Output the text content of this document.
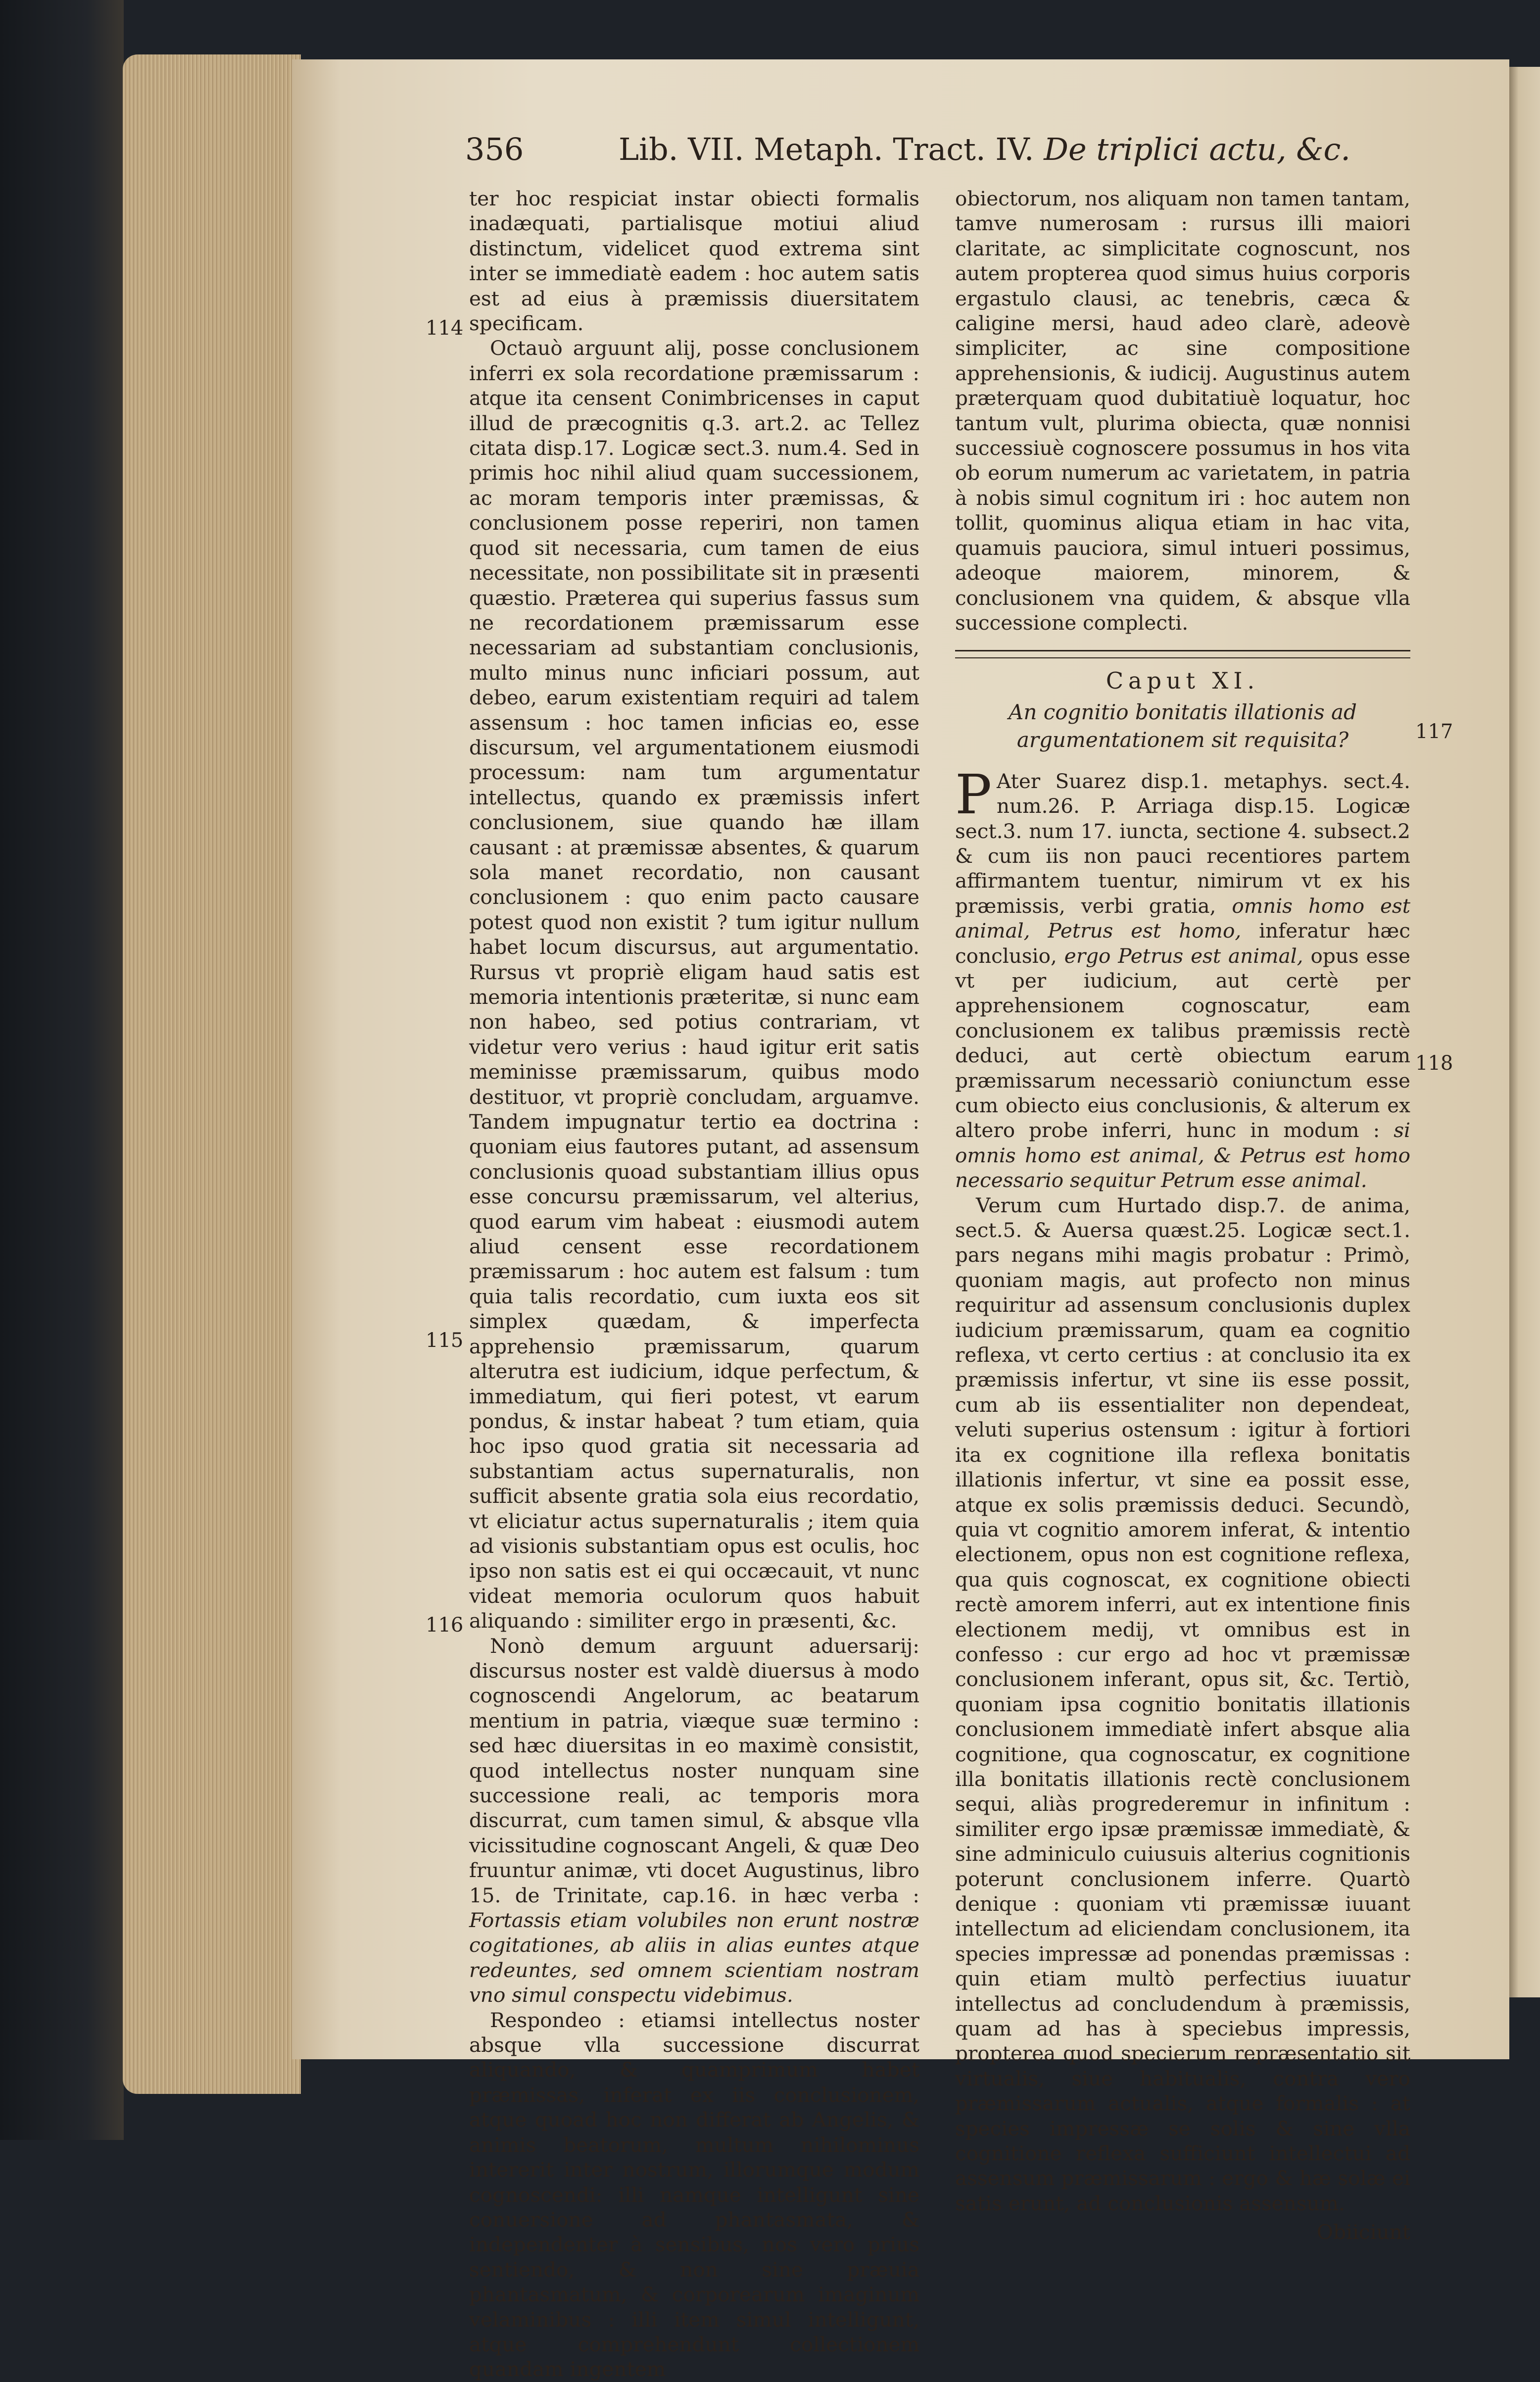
356	Lib. VII. Metaph. Tract. IV. De triplici actu, &c.
114
115
116
117
118

ter hoc respiciat instar obiecti formalis inadæquati, partialisque motiui aliud distinctum, videlicet quod extrema sint inter se immediatè eadem : hoc autem satis est ad eius à præmissis diuersitatem specificam.

Octauò arguunt alij, posse conclusionem inferri ex sola recordatione præmissarum : atque ita censent Conimbricenses in caput illud de præcognitis q.3. art.2. ac Tellez citata disp.17. Logicæ sect.3. num.4. Sed in primis hoc nihil aliud quam successionem, ac moram temporis inter præmissas, & conclusionem posse reperiri, non tamen quod sit necessaria, cum tamen de eius necessitate, non possibilitate sit in præsenti quæstio. Præterea qui superius fassus sum ne recordationem præmissarum esse necessariam ad substantiam conclusionis, multo minus nunc inficiari possum, aut debeo, earum existentiam requiri ad talem assensum : hoc tamen inficias eo, esse discursum, vel argumentationem eiusmodi processum: nam tum argumentatur intellectus, quando ex præmissis infert conclusionem, siue quando hæ illam causant : at præmissæ absentes, & quarum sola manet recordatio, non causant conclusionem : quo enim pacto causare potest quod non existit ? tum igitur nullum habet locum discursus, aut argumentatio. Rursus vt propriè eligam haud satis est memoria intentionis præteritæ, si nunc eam non habeo, sed potius contrariam, vt videtur vero verius : haud igitur erit satis meminisse præmissarum, quibus modo destituor, vt propriè concludam, arguamve. Tandem impugnatur tertio ea doctrina : quoniam eius fautores putant, ad assensum conclusionis quoad substantiam illius opus esse concursu præmissarum, vel alterius, quod earum vim habeat : eiusmodi autem aliud censent esse recordationem præmissarum : hoc autem est falsum : tum quia talis recordatio, cum iuxta eos sit simplex quædam, & imperfecta apprehensio præmissarum, quarum alterutra est iudicium, idque perfectum, & immediatum, qui fieri potest, vt earum pondus, & instar habeat ? tum etiam, quia hoc ipso quod gratia sit necessaria ad substantiam actus supernaturalis, non sufficit absente gratia sola eius recordatio, vt eliciatur actus supernaturalis ; item quia ad visionis substantiam opus est oculis, hoc ipso non satis est ei qui occæcauit, vt nunc videat memoria oculorum quos habuit aliquando : similiter ergo in præsenti, &c.

Nonò demum arguunt aduersarij: discursus noster est valdè diuersus à modo cognoscendi Angelorum, ac beatarum mentium in patria, viæque suæ termino : sed hæc diuersitas in eo maximè consistit, quod intellectus noster nunquam sine successione reali, ac temporis mora discurrat, cum tamen simul, & absque vlla vicissitudine cognoscant Angeli, & quæ Deo fruuntur animæ, vti docet Augustinus, libro 15. de Trinitate, cap.16. in hæc verba : Fortassis etiam volubiles non erunt nostræ cogitationes, ab aliis in alias euntes atque redeuntes, sed omnem scientiam nostram vno simul conspectu videbimus.

Respondeo : etiamsi intellectus noster absque vlla successione discurrat aliquando, & quamprimum habet præmissas, inferat ex iis conclusionem, atque quoad hoc non differat ab Angelis, & animis beatorum, multum nihilominus intererit inter nostrum, illorumque modum cognoscendi: illi namque intelligunt sine conuersione ad phantasmata, & independenter à sensibus, nos vero prius sentiendo, & non sine præuia phantasmatum, & corporearum imaginum velaminibus : illi item simul intelligunt, atque comprehendunt collectionem quandam ingentem

obiectorum, nos aliquam non tamen tantam, tamve numerosam : rursus illi maiori claritate, ac simplicitate cognoscunt, nos autem propterea quod simus huius corporis ergastulo clausi, ac tenebris, cæca & caligine mersi, haud adeo clarè, adeovè simpliciter, ac sine compositione apprehensionis, & iudicij. Augustinus autem præterquam quod dubitatiuè loquatur, hoc tantum vult, plurima obiecta, quæ nonnisi successiuè cognoscere possumus in hos vita ob eorum numerum ac varietatem, in patria à nobis simul cognitum iri : hoc autem non tollit, quominus aliqua etiam in hac vita, quamuis pauciora, simul intueri possimus, adeoque maiorem, minorem, & conclusionem vna quidem, & absque vlla successione complecti.

Caput XI.
An cognitio bonitatis illationis ad argumentationem sit requisita?

P Ater Suarez disp.1. metaphys. sect.4. num.26. P. Arriaga disp.15. Logicæ sect.3. num 17. iuncta, sectione 4. subsect.2 & cum iis non pauci recentiores partem affirmantem tuentur, nimirum vt ex his præmissis, verbi gratia, omnis homo est animal, Petrus est homo, inferatur hæc conclusio, ergo Petrus est animal, opus esse vt per iudicium, aut certè per apprehensionem cognoscatur, eam conclusionem ex talibus præmissis rectè deduci, aut certè obiectum earum præmissarum necessariò coniunctum esse cum obiecto eius conclusionis, & alterum ex altero probe inferri, hunc in modum : si omnis homo est animal, & Petrus est homo necessario sequitur Petrum esse animal.

Verum cum Hurtado disp.7. de anima, sect.5. & Auersa quæst.25. Logicæ sect.1. pars negans mihi magis probatur : Primò, quoniam magis, aut profecto non minus requiritur ad assensum conclusionis duplex iudicium præmissarum, quam ea cognitio reflexa, vt certo certius : at conclusio ita ex præmissis infertur, vt sine iis esse possit, cum ab iis essentialiter non dependeat, veluti superius ostensum : igitur à fortiori ita ex cognitione illa reflexa bonitatis illationis infertur, vt sine ea possit esse, atque ex solis præmissis deduci. Secundò, quia vt cognitio amorem inferat, & intentio electionem, opus non est cognitione reflexa, qua quis cognoscat, ex cognitione obiecti rectè amorem inferri, aut ex intentione finis electionem medij, vt omnibus est in confesso : cur ergo ad hoc vt præmissæ conclusionem inferant, opus sit, &c. Tertiò, quoniam ipsa cognitio bonitatis illationis conclusionem immediatè infert absque alia cognitione, qua cognoscatur, ex cognitione illa bonitatis illationis rectè conclusionem sequi, aliàs progrederemur in infinitum : similiter ergo ipsæ præmissæ immediatè, & sine adminiculo cuiusuis alterius cognitionis poterunt conclusionem inferre. Quartò denique : quoniam vti præmissæ iuuant intellectum ad eliciendam conclusionem, ita species impressæ ad ponendas præmissas : quin etiam multò perfectius iuuatur intellectus ad concludendum à præmissis, quam ad has à speciebus impressis, propterea quod specierum repræsentatio sit virtualis, siue habitualis, contra vero præmissarum actualis, atque formalis : at species impressæ se solis & sine vlla cognitione reflexa sufficiunt intellectui ad assensum præmissarum : ergo & hæ solæ ei satis erunt, ad conclusionis assensum.

Obiiciunt
